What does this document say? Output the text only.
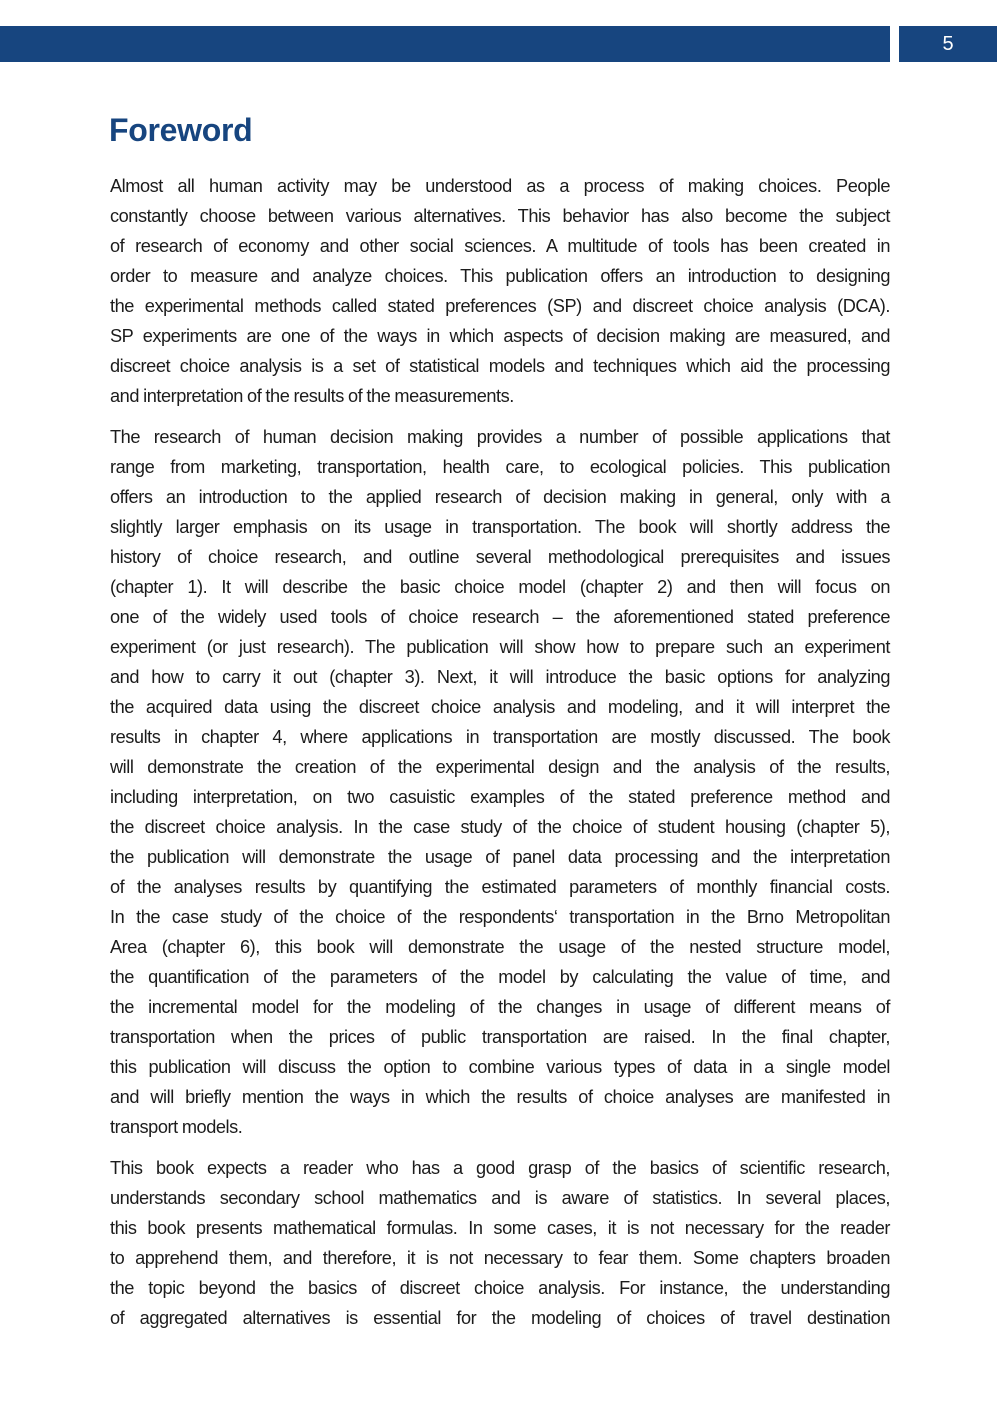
5
Foreword
Almost all human activity may be understood as a process of making choices. People
constantly choose between various alternatives. This behavior has also become the subject
of research of economy and other social sciences. A multitude of tools has been created in
order to measure and analyze choices. This publication offers an introduction to designing
the experimental methods called stated preferences (SP) and discreet choice analysis (DCA).
SP experiments are one of the ways in which aspects of decision making are measured, and
discreet choice analysis is a set of statistical models and techniques which aid the processing
and interpretation of the results of the measurements.
The research of human decision making provides a number of possible applications that
range from marketing, transportation, health care, to ecological policies. This publication
offers an introduction to the applied research of decision making in general, only with a
slightly larger emphasis on its usage in transportation. The book will shortly address the
history of choice research, and outline several methodological prerequisites and issues
(chapter 1). It will describe the basic choice model (chapter 2) and then will focus on
one of the widely used tools of choice research – the aforementioned stated preference
experiment (or just research). The publication will show how to prepare such an experiment
and how to carry it out (chapter 3). Next, it will introduce the basic options for analyzing
the acquired data using the discreet choice analysis and modeling, and it will interpret the
results in chapter 4, where applications in transportation are mostly discussed. The book
will demonstrate the creation of the experimental design and the analysis of the results,
including interpretation, on two casuistic examples of the stated preference method and
the discreet choice analysis. In the case study of the choice of student housing (chapter 5),
the publication will demonstrate the usage of panel data processing and the interpretation
of the analyses results by quantifying the estimated parameters of monthly financial costs.
In the case study of the choice of the respondents‘ transportation in the Brno Metropolitan
Area (chapter 6), this book will demonstrate the usage of the nested structure model,
the quantification of the parameters of the model by calculating the value of time, and
the incremental model for the modeling of the changes in usage of different means of
transportation when the prices of public transportation are raised. In the final chapter,
this publication will discuss the option to combine various types of data in a single model
and will briefly mention the ways in which the results of choice analyses are manifested in
transport models.
This book expects a reader who has a good grasp of the basics of scientific research,
understands secondary school mathematics and is aware of statistics. In several places,
this book presents mathematical formulas. In some cases, it is not necessary for the reader
to apprehend them, and therefore, it is not necessary to fear them. Some chapters broaden
the topic beyond the basics of discreet choice analysis. For instance, the understanding
of aggregated alternatives is essential for the modeling of choices of travel destination
